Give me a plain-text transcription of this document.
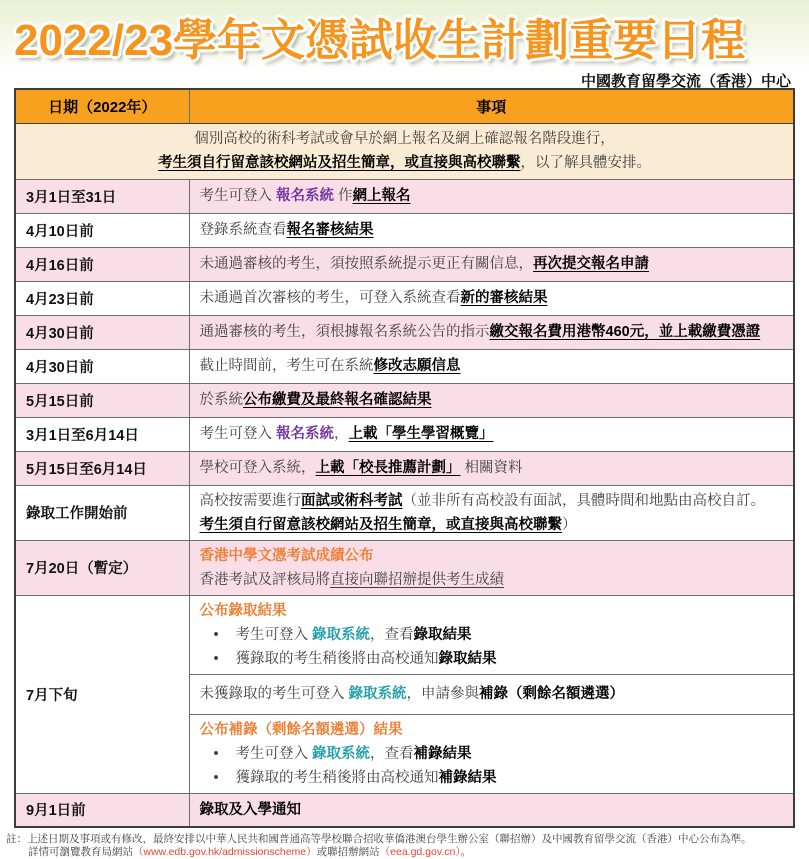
2022/23學年文憑試收生計劃重要日程
中國教育留學交流（香港）中心
日期（2022年）	事項

個別高校的術科考試或會早於網上報名及網上確認報名階段進行，
考生須自行留意該校網站及招生簡章，或直接與高校聯繫，以了解具體安排。	

3月1日至31日	考生可登入 報名系統 作網上報名

4月10日前	登錄系統查看報名審核結果

4月16日前	未通過審核的考生，須按照系統提示更正有關信息，再次提交報名申請

4月23日前	未通過首次審核的考生，可登入系統查看新的審核結果

4月30日前	通過審核的考生，須根據報名系統公告的指示繳交報名費用港幣460元，並上載繳費憑證

4月30日前	截止時間前，考生可在系統修改志願信息

5月15日前	於系統公布繳費及最終報名確認結果

3月1日至6月14日	考生可登入 報名系統，上載「學生學習概覽」

5月15日至6月14日	學校可登入系統，上載「校長推薦計劃」 相關資料

錄取工作開始前	高校按需要進行面試或術科考試（並非所有高校設有面試，具體時間和地點由高校自訂。
考生須自行留意該校網站及招生簡章，或直接與高校聯繫）

7月20日（暫定）	香港中學文憑考試成績公布
香港考試及評核局將直接向聯招辦提供考生成績

7月下旬	公布錄取結果
• 考生可登入 錄取系統，查看錄取結果
• 獲錄取的考生稍後將由高校通知錄取結果

	未獲錄取的考生可登入 錄取系統，申請參與補錄（剩餘名額遴選）

	公布補錄（剩餘名額遴選）結果
• 考生可登入 錄取系統，查看補錄結果
• 獲錄取的考生稍後將由高校通知補錄結果

9月1日前	錄取及入學通知
註：上述日期及事項或有修改，最終安排以中華人民共和國普通高等學校聯合招收華僑港澳台學生辦公室（聯招辦）及中國教育留學交流（香港）中心公布為準。
詳情可瀏覽教育局網站（www.edb.gov.hk/admissionscheme）或聯招辦網站（eea.gd.gov.cn）。
